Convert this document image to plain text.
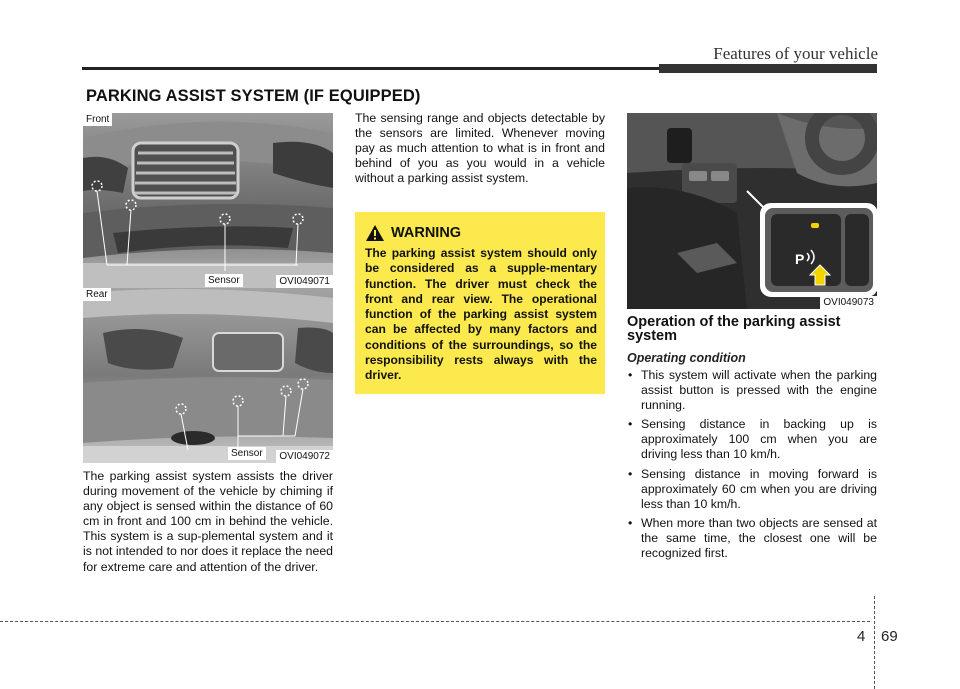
Features of your vehicle
PARKING ASSIST SYSTEM (IF EQUIPPED)
Front
Sensor	OVI049071
Rear
Sensor	OVI049072

The parking assist system assists the driver during movement of the vehicle by chiming if any object is sensed within the distance of 60 cm in front and 100 cm in behind the vehicle. This system is a sup-plemental system and it is not intended to nor does it replace the need for extreme care and attention of the driver.

The sensing range and objects detectable by the sensors are limited. Whenever moving pay as much attention to what is in front and behind of you as you would in a vehicle without a parking assist system.

WARNING

The parking assist system should only be considered as a supple-mentary function. The driver must check the front and rear view. The operational function of the parking assist system can be affected by many factors and conditions of the surroundings, so the responsibility rests always with the driver.

P
OVI049073

Operation of the parking assist system

Operating condition
• This system will activate when the parking assist button is pressed with the engine running.
• Sensing distance in backing up is approximately 100 cm when you are driving less than 10 km/h.
• Sensing distance in moving forward is approximately 60 cm when you are driving less than 10 km/h.
• When more than two objects are sensed at the same time, the closest one will be recognized first.
4 69
